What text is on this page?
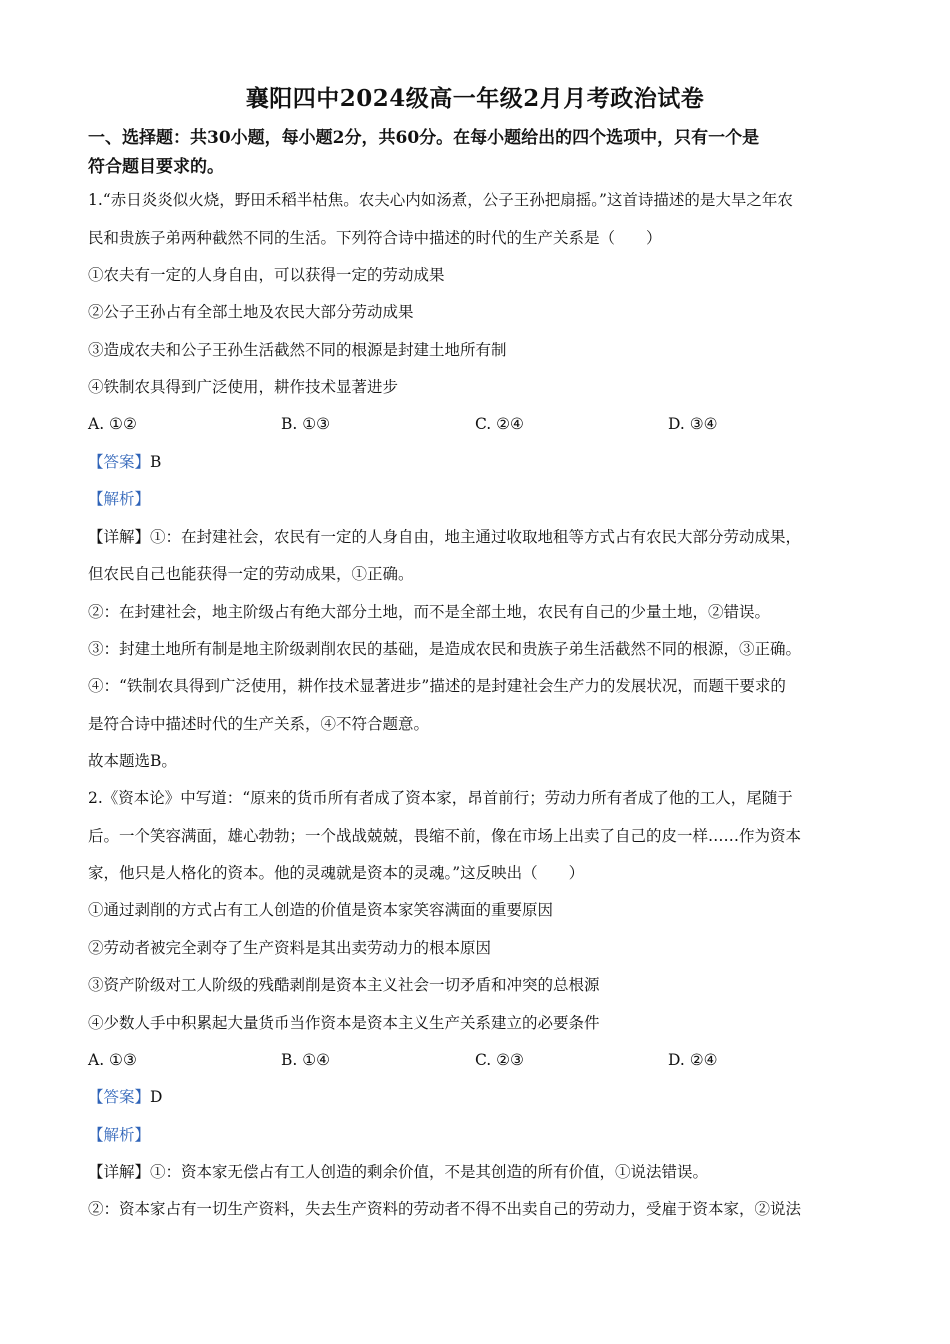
襄阳四中2024级高一年级2月月考政治试卷
一、选择题：共30小题，每小题2分，共60分。在每小题给出的四个选项中，只有一个是
符合题目要求的。
1.“赤日炎炎似火烧，野田禾稻半枯焦。农夫心内如汤煮，公子王孙把扇摇。”这首诗描述的是大旱之年农
民和贵族子弟两种截然不同的生活。下列符合诗中描述的时代的生产关系是（　　）
①农夫有一定的人身自由，可以获得一定的劳动成果
②公子王孙占有全部土地及农民大部分劳动成果
③造成农夫和公子王孙生活截然不同的根源是封建土地所有制
④铁制农具得到广泛使用，耕作技术显著进步
A. ①②	B. ①③	C. ②④	D. ③④
【答案】B
【解析】
【详解】①：在封建社会，农民有一定的人身自由，地主通过收取地租等方式占有农民大部分劳动成果，
但农民自己也能获得一定的劳动成果，①正确。
②：在封建社会，地主阶级占有绝大部分土地，而不是全部土地，农民有自己的少量土地，②错误。
③：封建土地所有制是地主阶级剥削农民的基础，是造成农民和贵族子弟生活截然不同的根源，③正确。
④：“铁制农具得到广泛使用，耕作技术显著进步”描述的是封建社会生产力的发展状况，而题干要求的
是符合诗中描述时代的生产关系，④不符合题意。
故本题选B。
2.《资本论》中写道：“原来的货币所有者成了资本家，昂首前行；劳动力所有者成了他的工人，尾随于
后。一个笑容满面，雄心勃勃；一个战战兢兢，畏缩不前，像在市场上出卖了自己的皮一样……作为资本
家，他只是人格化的资本。他的灵魂就是资本的灵魂。”这反映出（　　）
①通过剥削的方式占有工人创造的价值是资本家笑容满面的重要原因
②劳动者被完全剥夺了生产资料是其出卖劳动力的根本原因
③资产阶级对工人阶级的残酷剥削是资本主义社会一切矛盾和冲突的总根源
④少数人手中积累起大量货币当作资本是资本主义生产关系建立的必要条件
A. ①③	B. ①④	C. ②③	D. ②④
【答案】D
【解析】
【详解】①：资本家无偿占有工人创造的剩余价值，不是其创造的所有价值，①说法错误。
②：资本家占有一切生产资料，失去生产资料的劳动者不得不出卖自己的劳动力，受雇于资本家，②说法
